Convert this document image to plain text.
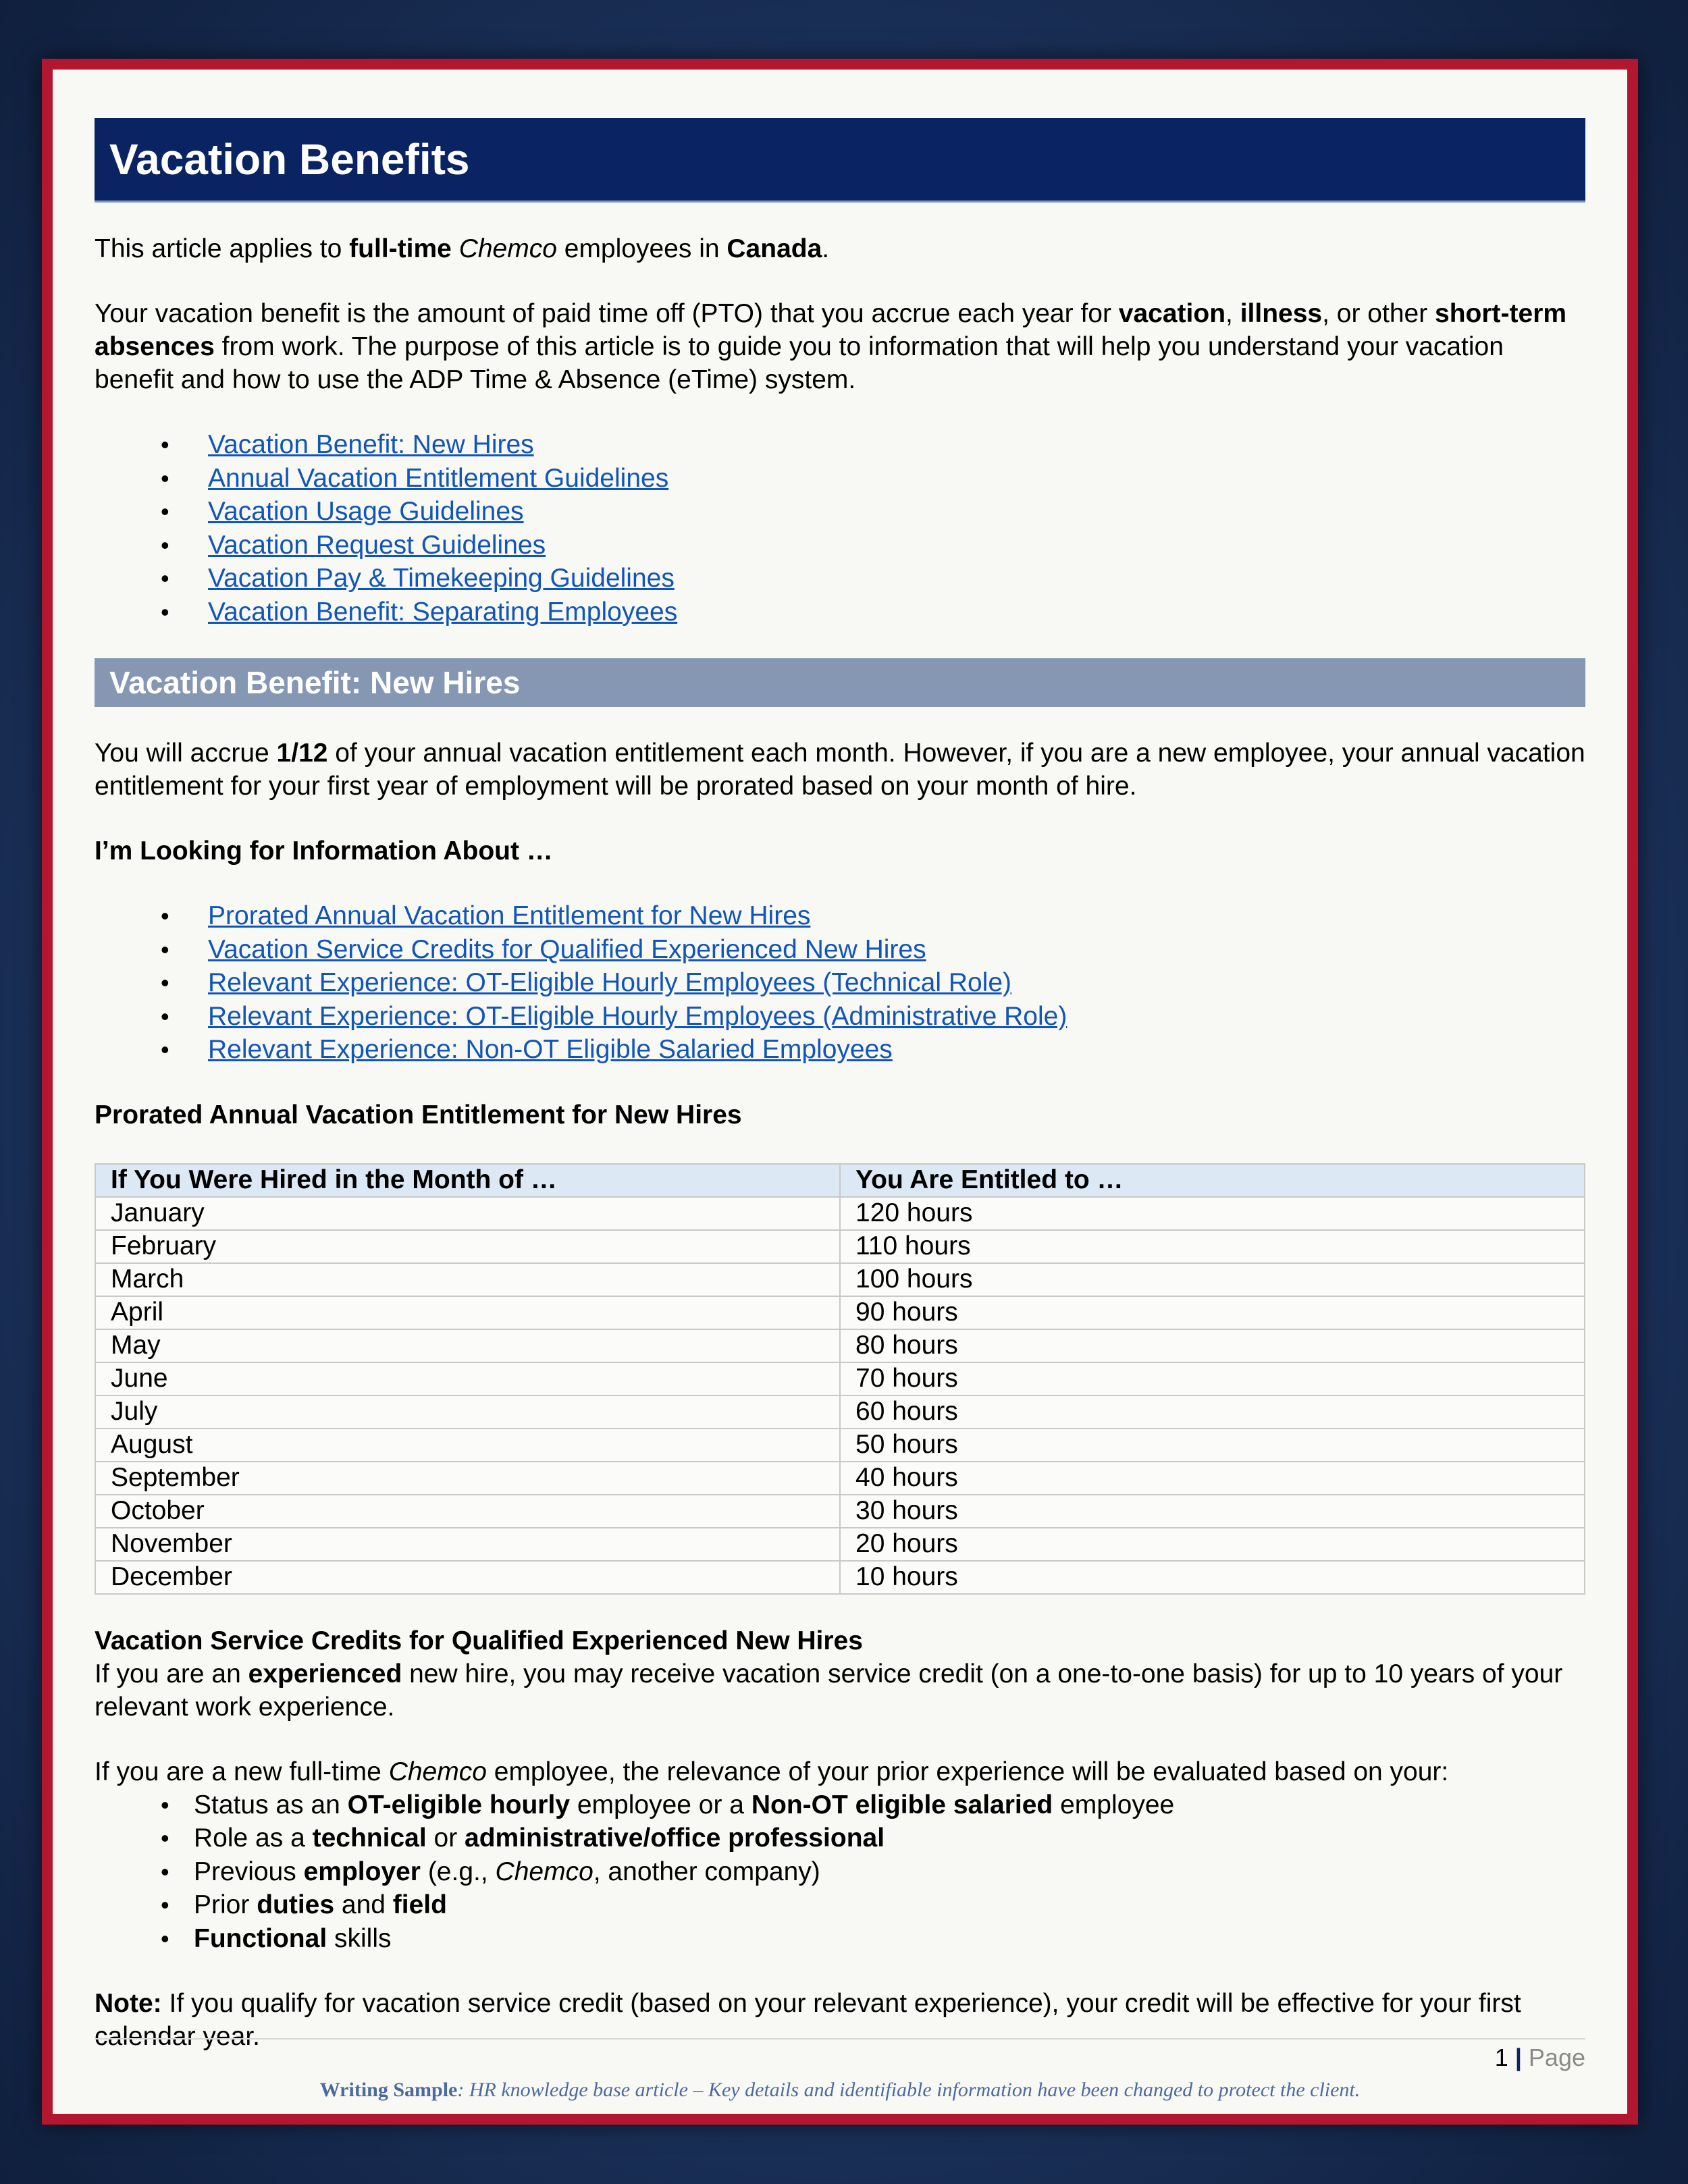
Vacation Benefits

This article applies to full-time Chemco employees in Canada.

Your vacation benefit is the amount of paid time off (PTO) that you accrue each year for vacation, illness, or other short-term absences from work. The purpose of this article is to guide you to information that will help you understand your vacation benefit and how to use the ADP Time & Absence (eTime) system.

• Vacation Benefit: New Hires
• Annual Vacation Entitlement Guidelines
• Vacation Usage Guidelines
• Vacation Request Guidelines
• Vacation Pay & Timekeeping Guidelines
• Vacation Benefit: Separating Employees
Vacation Benefit: New Hires

You will accrue 1/12 of your annual vacation entitlement each month. However, if you are a new employee, your annual vacation entitlement for your first year of employment will be prorated based on your month of hire.

I’m Looking for Information About …
• Prorated Annual Vacation Entitlement for New Hires
• Vacation Service Credits for Qualified Experienced New Hires
• Relevant Experience: OT-Eligible Hourly Employees (Technical Role)
• Relevant Experience: OT-Eligible Hourly Employees (Administrative Role)
• Relevant Experience: Non-OT Eligible Salaried Employees
Prorated Annual Vacation Entitlement for New Hires
If You Were Hired in the Month of …	You Are Entitled to …
January	120 hours
February	110 hours
March	100 hours
April	90 hours
May	80 hours
June	70 hours
July	60 hours
August	50 hours
September	40 hours
October	30 hours
November	20 hours
December	10 hours
Vacation Service Credits for Qualified Experienced New Hires

If you are an experienced new hire, you may receive vacation service credit (on a one-to-one basis) for up to 10 years of your relevant work experience.

If you are a new full-time Chemco employee, the relevance of your prior experience will be evaluated based on your:

• Status as an OT-eligible hourly employee or a Non-OT eligible salaried employee
• Role as a technical or administrative/office professional
• Previous employer (e.g., Chemco, another company)
• Prior duties and field
• Functional skills

Note: If you qualify for vacation service credit (based on your relevant experience), your credit will be effective for your first calendar year.

1 | Page
Writing Sample: HR knowledge base article – Key details and identifiable information have been changed to protect the client.
